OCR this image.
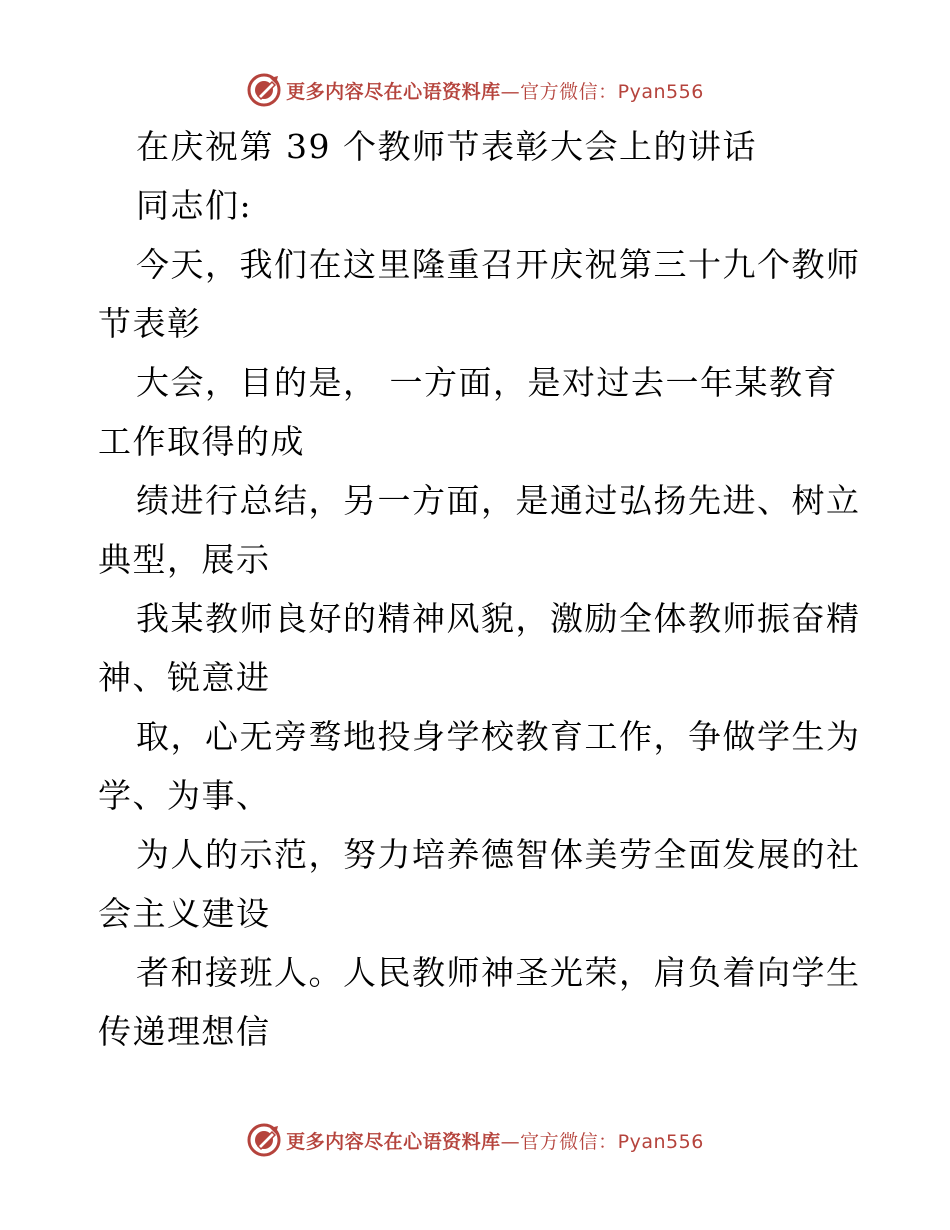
更多内容尽在心语资料库—官方微信：Pyan556
在庆祝第 39 个教师节表彰大会上的讲话
同志们:
今天，我们在这里隆重召开庆祝第三十九个教师
节表彰
大会，目的是， 一方面，是对过去一年某教育
工作取得的成
绩进行总结，另一方面，是通过弘扬先进、树立
典型，展示
我某教师良好的精神风貌，激励全体教师振奋精
神、锐意进
取，心无旁骛地投身学校教育工作，争做学生为
学、为事、
为人的示范，努力培养德智体美劳全面发展的社
会主义建设
者和接班人。人民教师神圣光荣，肩负着向学生
传递理想信
更多内容尽在心语资料库—官方微信：Pyan556
